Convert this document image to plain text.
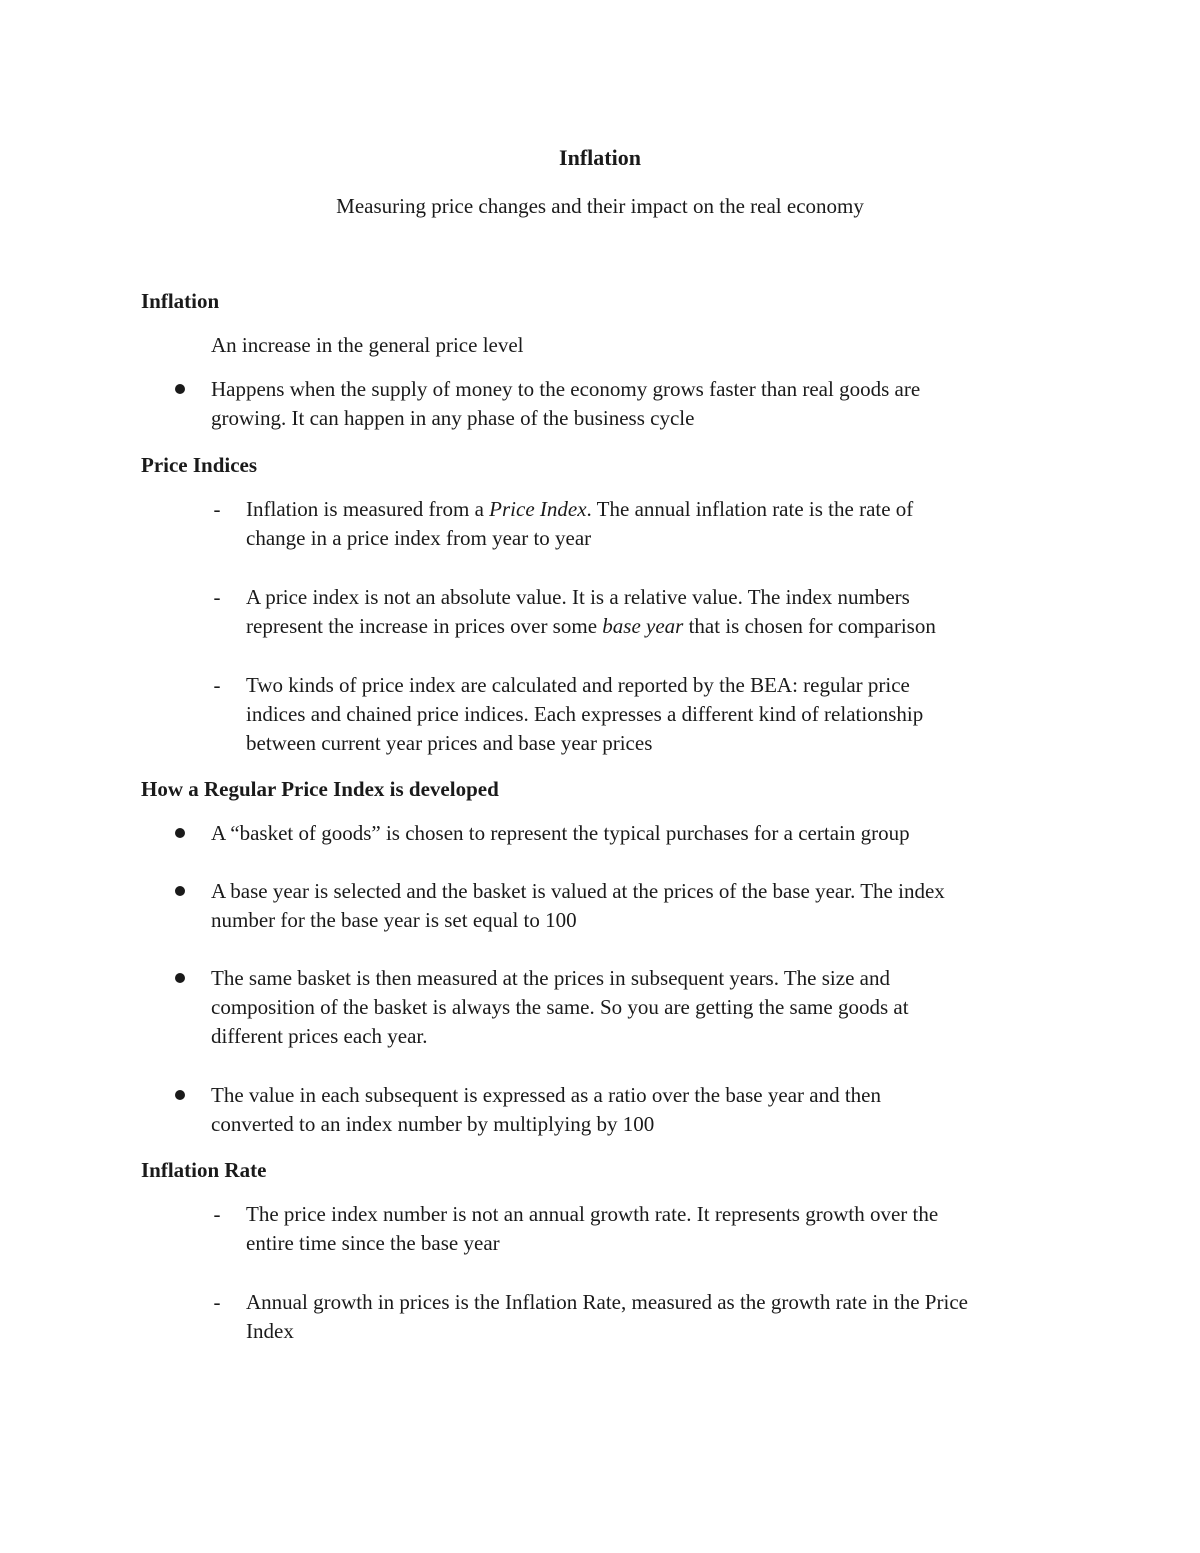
Inflation
Measuring price changes and their impact on the real economy
Inflation
An increase in the general price level
Happens when the supply of money to the economy grows faster than real goods are
growing. It can happen in any phase of the business cycle
Price Indices
- Inflation is measured from a Price Index. The annual inflation rate is the rate of
change in a price index from year to year
- A price index is not an absolute value. It is a relative value. The index numbers
represent the increase in prices over some base year that is chosen for comparison
- Two kinds of price index are calculated and reported by the BEA: regular price
indices and chained price indices. Each expresses a different kind of relationship
between current year prices and base year prices
How a Regular Price Index is developed
A “basket of goods” is chosen to represent the typical purchases for a certain group
A base year is selected and the basket is valued at the prices of the base year. The index
number for the base year is set equal to 100
The same basket is then measured at the prices in subsequent years. The size and
composition of the basket is always the same. So you are getting the same goods at
different prices each year.
The value in each subsequent is expressed as a ratio over the base year and then
converted to an index number by multiplying by 100
Inflation Rate
- The price index number is not an annual growth rate. It represents growth over the
entire time since the base year
- Annual growth in prices is the Inflation Rate, measured as the growth rate in the Price
Index
